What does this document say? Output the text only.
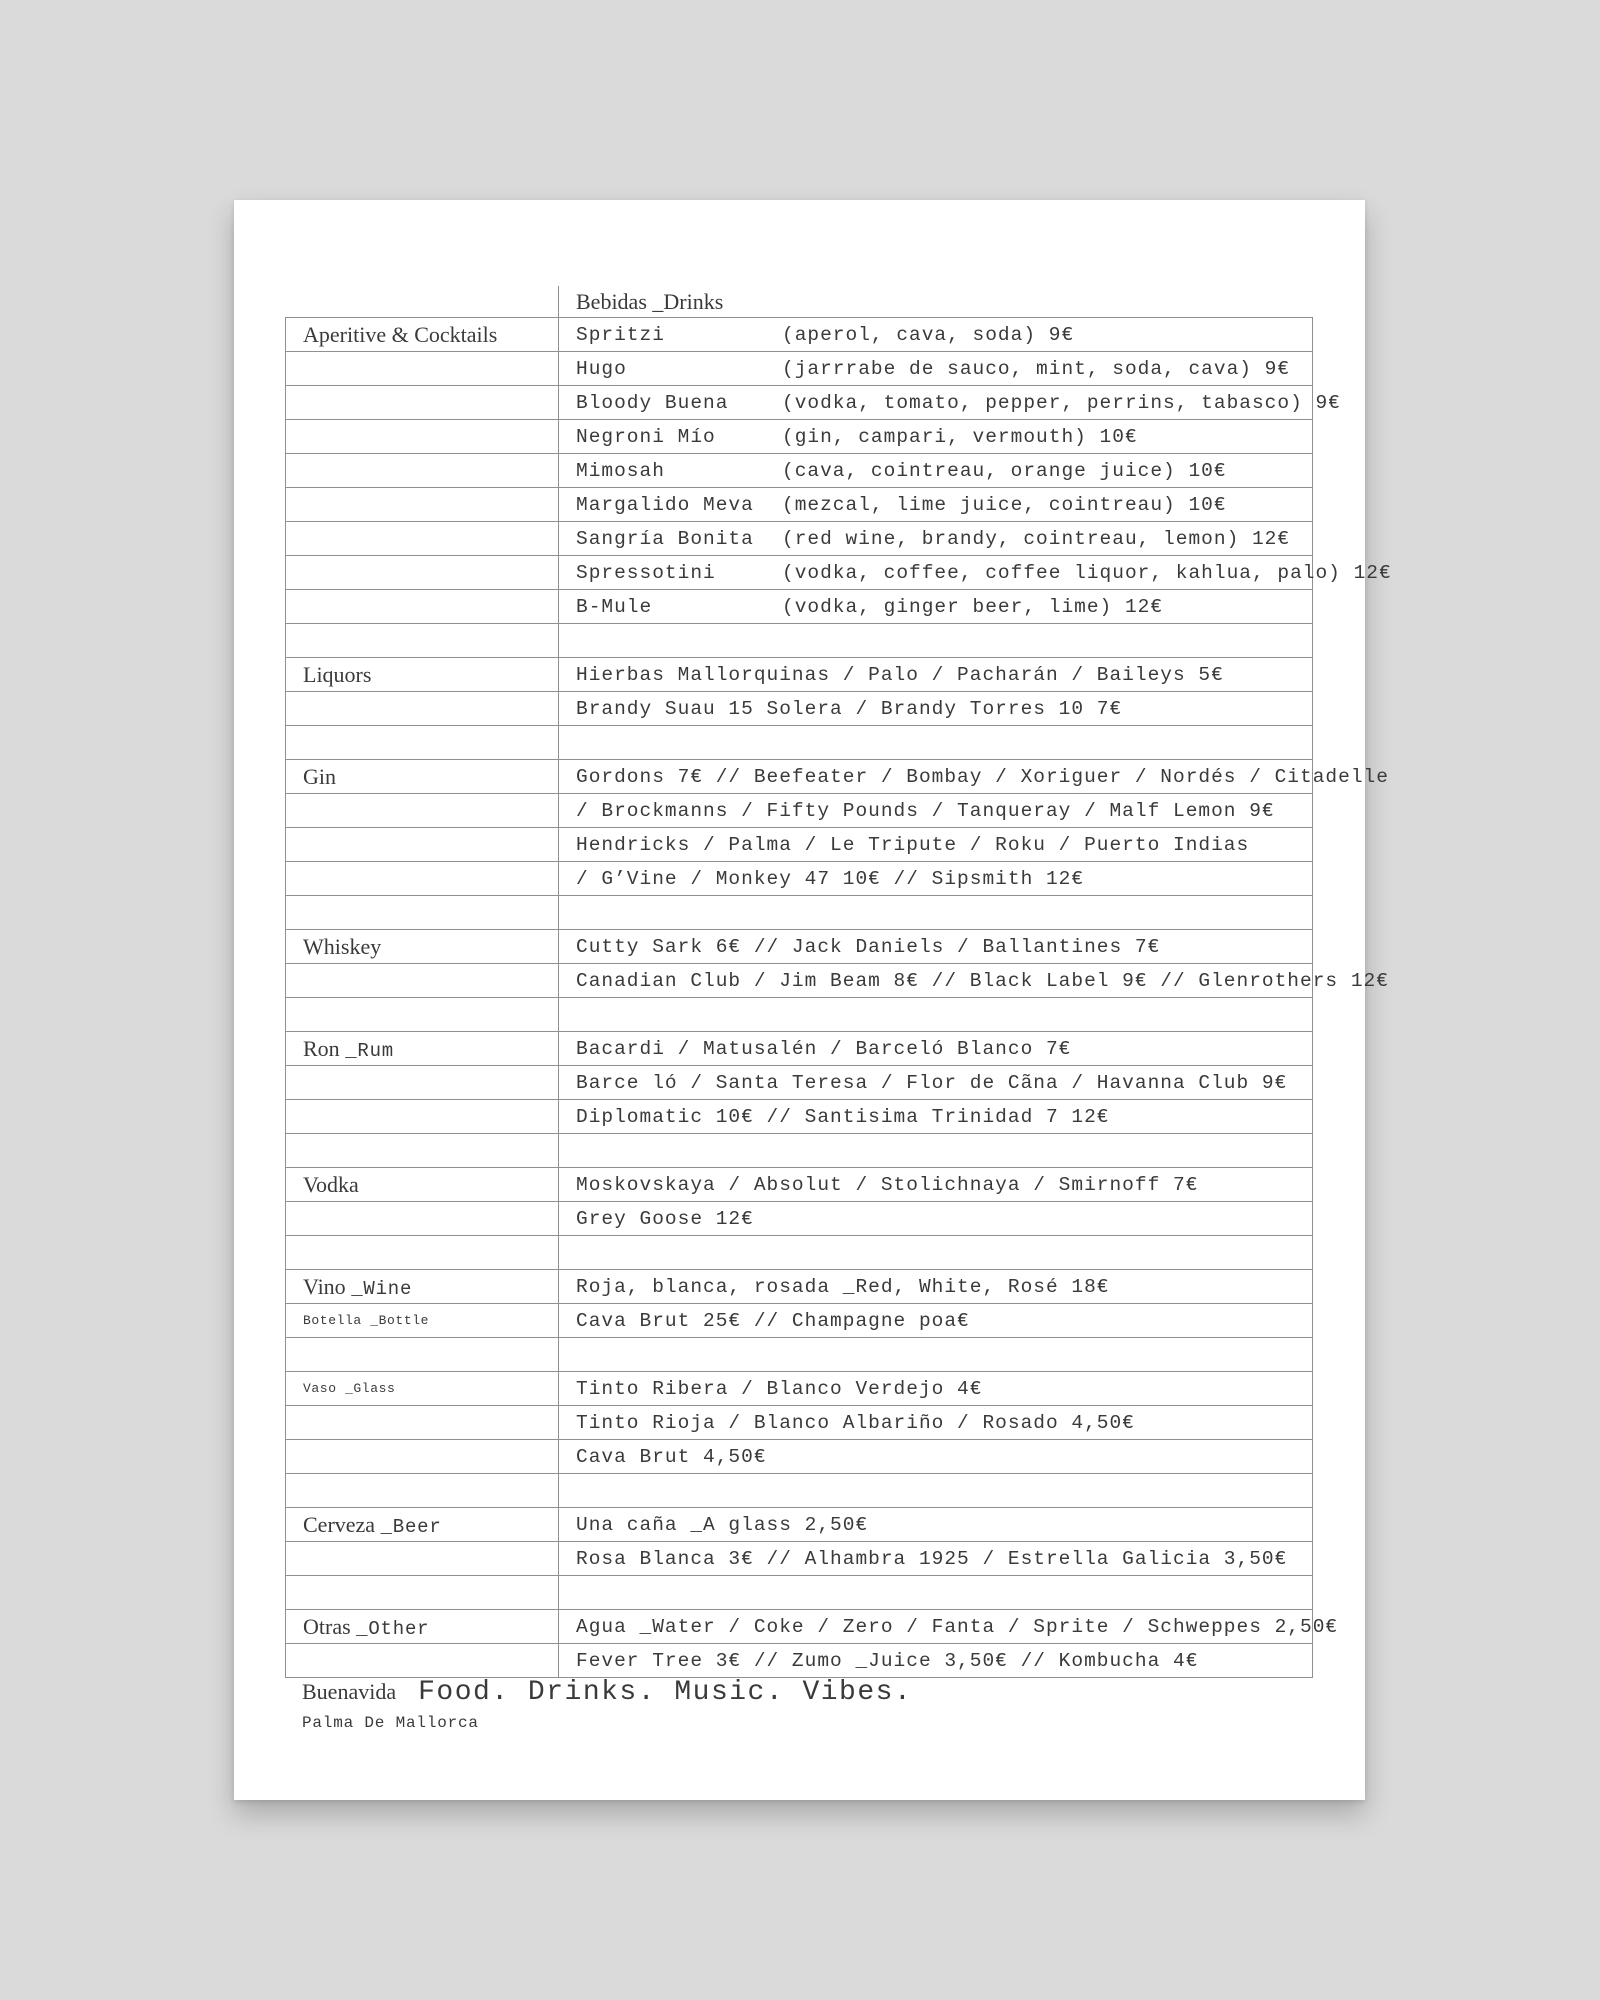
	Bebidas _Drinks
Aperitive & Cocktails	Spritzi (aperol, cava, soda) 9€
	Hugo (jarrrabe de sauco, mint, soda, cava) 9€
	Bloody Buena (vodka, tomato, pepper, perrins, tabasco) 9€
	Negroni Mío (gin, campari, vermouth) 10€
	Mimosah (cava, cointreau, orange juice) 10€
	Margalido Meva (mezcal, lime juice, cointreau) 10€
	Sangría Bonita (red wine, brandy, cointreau, lemon) 12€
	Spressotini (vodka, coffee, coffee liquor, kahlua, palo) 12€
	B-Mule (vodka, ginger beer, lime) 12€

Liquors	Hierbas Mallorquinas / Palo / Pacharán / Baileys 5€
	Brandy Suau 15 Solera / Brandy Torres 10 7€

Gin	Gordons 7€ // Beefeater / Bombay / Xoriguer / Nordés / Citadelle
	/ Brockmanns / Fifty Pounds / Tanqueray / Malf Lemon 9€
	Hendricks / Palma / Le Tripute / Roku / Puerto Indias
	/ G’Vine / Monkey 47 10€ // Sipsmith 12€

Whiskey	Cutty Sark 6€ // Jack Daniels / Ballantines 7€
	Canadian Club / Jim Beam 8€ // Black Label 9€ // Glenrothers 12€

Ron _Rum	Bacardi / Matusalén / Barceló Blanco 7€
	Barce ló / Santa Teresa / Flor de Cãna / Havanna Club 9€
	Diplomatic 10€ // Santisima Trinidad 7 12€

Vodka	Moskovskaya / Absolut / Stolichnaya / Smirnoff 7€
	Grey Goose 12€

Vino _Wine	Roja, blanca, rosada _Red, White, Rosé 18€
Botella _Bottle	Cava Brut 25€ // Champagne poa€

Vaso _Glass	Tinto Ribera / Blanco Verdejo 4€
	Tinto Rioja / Blanco Albariño / Rosado 4,50€
	Cava Brut 4,50€

Cerveza _Beer	Una caña _A glass 2,50€
	Rosa Blanca 3€ // Alhambra 1925 / Estrella Galicia 3,50€

Otras _Other	Agua _Water / Coke / Zero / Fanta / Sprite / Schweppes 2,50€
	Fever Tree 3€ // Zumo _Juice 3,50€ // Kombucha 4€
Buenavida Food. Drinks. Music. Vibes.
Palma De Mallorca
